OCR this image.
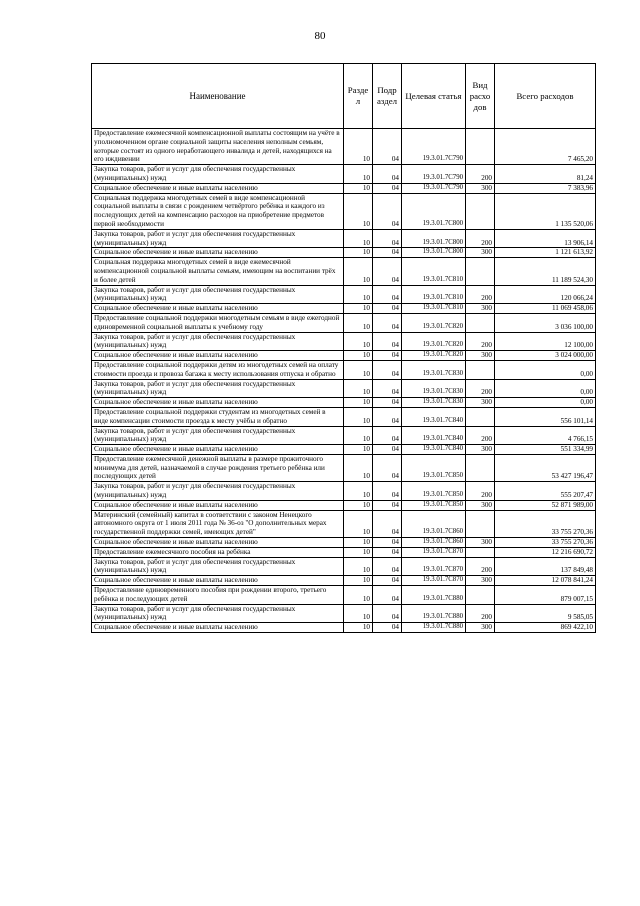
80
Наименование	Разде л	Подр аздел	Целевая статья	Вид расхо дов	Всего расходов
Предоставление ежемесячной компенсационной выплаты состоящим на учёте в уполномоченном органе социальной защиты населения неполным семьям, которые состоят из одного неработающего инвалида и детей, находящихся на его иждивении	10	04	19.3.01.7С790		7 465,20
Закупка товаров, работ и услуг для обеспечения государственных (муниципальных) нужд	10	04	19.3.01.7С790	200	81,24
Социальное обеспечение и иные выплаты населению	10	04	19.3.01.7С790	300	7 383,96
Социальная поддержка многодетных семей в виде компенсационной социальной выплаты в связи с рождением четвёртого ребёнка и каждого из последующих детей на компенсацию расходов на приобретение предметов первой необходимости	10	04	19.3.01.7С800		1 135 520,06
Закупка товаров, работ и услуг для обеспечения государственных (муниципальных) нужд	10	04	19.3.01.7С800	200	13 906,14
Социальное обеспечение и иные выплаты населению	10	04	19.3.01.7С800	300	1 121 613,92
Социальная поддержка многодетных семей в виде ежемесячной компенсационной социальной выплаты семьям, имеющим на воспитании трёх и более детей	10	04	19.3.01.7С810		11 189 524,30
Закупка товаров, работ и услуг для обеспечения государственных (муниципальных) нужд	10	04	19.3.01.7С810	200	120 066,24
Социальное обеспечение и иные выплаты населению	10	04	19.3.01.7С810	300	11 069 458,06
Предоставление социальной поддержки многодетным семьям в виде ежегодной единовременной социальной выплаты к учебному году	10	04	19.3.01.7С820		3 036 100,00
Закупка товаров, работ и услуг для обеспечения государственных (муниципальных) нужд	10	04	19.3.01.7С820	200	12 100,00
Социальное обеспечение и иные выплаты населению	10	04	19.3.01.7С820	300	3 024 000,00
Предоставление социальной поддержки детям из многодетных семей на оплату стоимости проезда и провоза багажа к месту использования отпуска и обратно	10	04	19.3.01.7С830		0,00
Закупка товаров, работ и услуг для обеспечения государственных (муниципальных) нужд	10	04	19.3.01.7С830	200	0,00
Социальное обеспечение и иные выплаты населению	10	04	19.3.01.7С830	300	0,00
Предоставление социальной поддержки студентам из многодетных семей в виде компенсации стоимости проезда к месту учёбы и обратно	10	04	19.3.01.7С840		556 101,14
Закупка товаров, работ и услуг для обеспечения государственных (муниципальных) нужд	10	04	19.3.01.7С840	200	4 766,15
Социальное обеспечение и иные выплаты населению	10	04	19.3.01.7С840	300	551 334,99
Предоставление ежемесячной денежной выплаты в размере прожиточного минимума для детей, назначаемой в случае рождения третьего ребёнка или последующих детей	10	04	19.3.01.7С850		53 427 196,47
Закупка товаров, работ и услуг для обеспечения государственных (муниципальных) нужд	10	04	19.3.01.7С850	200	555 207,47
Социальное обеспечение и иные выплаты населению	10	04	19.3.01.7С850	300	52 871 989,00
Материнский (семейный) капитал в соответствии с законом Ненецкого автономного округа от 1 июля 2011 года № 36-оз "О дополнительных мерах государственной поддержки семей, имеющих детей"	10	04	19.3.01.7С860		33 755 270,36
Социальное обеспечение и иные выплаты населению	10	04	19.3.01.7С860	300	33 755 270,36
Предоставление ежемесячного пособия на ребёнка	10	04	19.3.01.7С870		12 216 690,72
Закупка товаров, работ и услуг для обеспечения государственных (муниципальных) нужд	10	04	19.3.01.7С870	200	137 849,48
Социальное обеспечение и иные выплаты населению	10	04	19.3.01.7С870	300	12 078 841,24
Предоставление единовременного пособия при рождении второго, третьего ребёнка и последующих детей	10	04	19.3.01.7С880		879 007,15
Закупка товаров, работ и услуг для обеспечения государственных (муниципальных) нужд	10	04	19.3.01.7С880	200	9 585,05
Социальное обеспечение и иные выплаты населению	10	04	19.3.01.7С880	300	869 422,10
